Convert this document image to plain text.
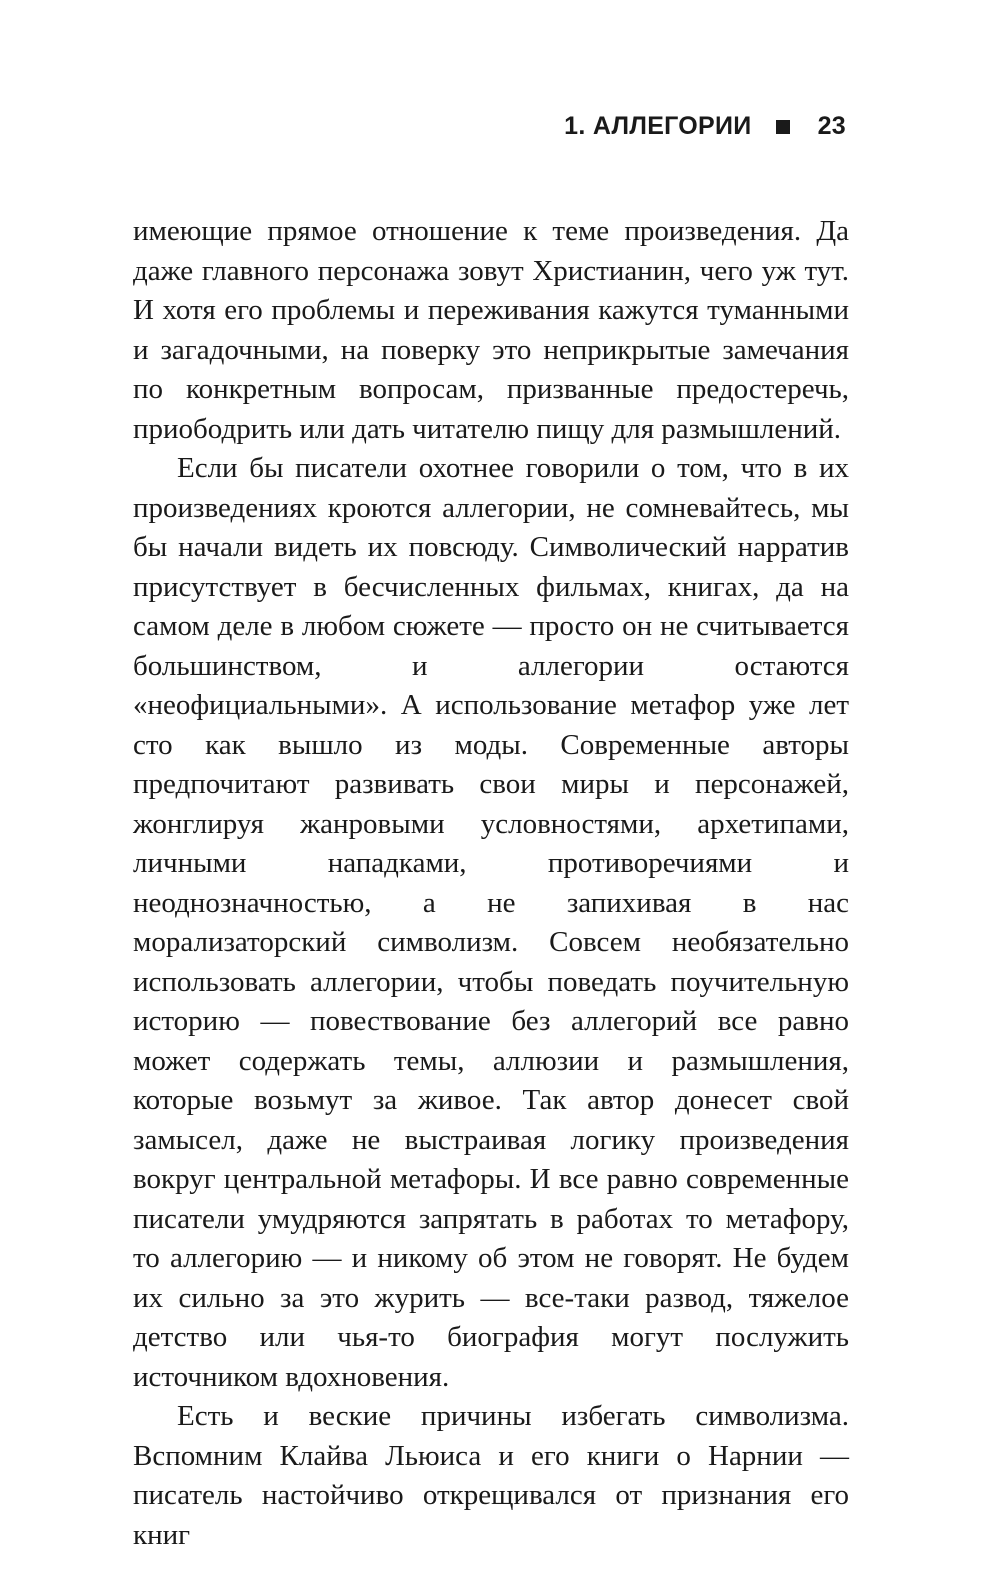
1. АЛЛЕГОРИИ	23

имеющие прямое отношение к теме произведения. Да даже главного персонажа зовут Христианин, чего уж тут. И хотя его проблемы и переживания кажутся туманными и загадочными, на поверку это неприкрытые замечания по конкретным вопросам, призванные предостеречь, приободрить или дать читателю пищу для размышлений.

Если бы писатели охотнее говорили о том, что в их произведениях кроются аллегории, не сомневайтесь, мы бы начали видеть их повсюду. Символический нарратив присутствует в бесчисленных фильмах, книгах, да на самом деле в любом сюжете — просто он не считывается большинством, и аллегории остаются «неофициальными». А использование метафор уже лет сто как вышло из моды. Современные авторы предпочитают развивать свои миры и персонажей, жонглируя жанровыми условностями, архетипами, личными нападками, противоречиями и неоднозначностью, а не запихивая в нас морализаторский символизм. Совсем необязательно использовать аллегории, чтобы поведать поучительную историю — повествование без аллегорий все равно может содержать темы, аллюзии и размышления, которые возьмут за живое. Так автор донесет свой замысел, даже не выстраивая логику произведения вокруг центральной метафоры. И все равно современные писатели умудряются запрятать в работах то метафору, то аллегорию — и никому об этом не говорят. Не будем их сильно за это журить — все-таки развод, тяжелое детство или чья-то биография могут послужить источником вдохновения.

Есть и веские причины избегать символизма. Вспомним Клайва Льюиса и его книги о Нарнии — писатель настойчиво открещивался от признания его книг
